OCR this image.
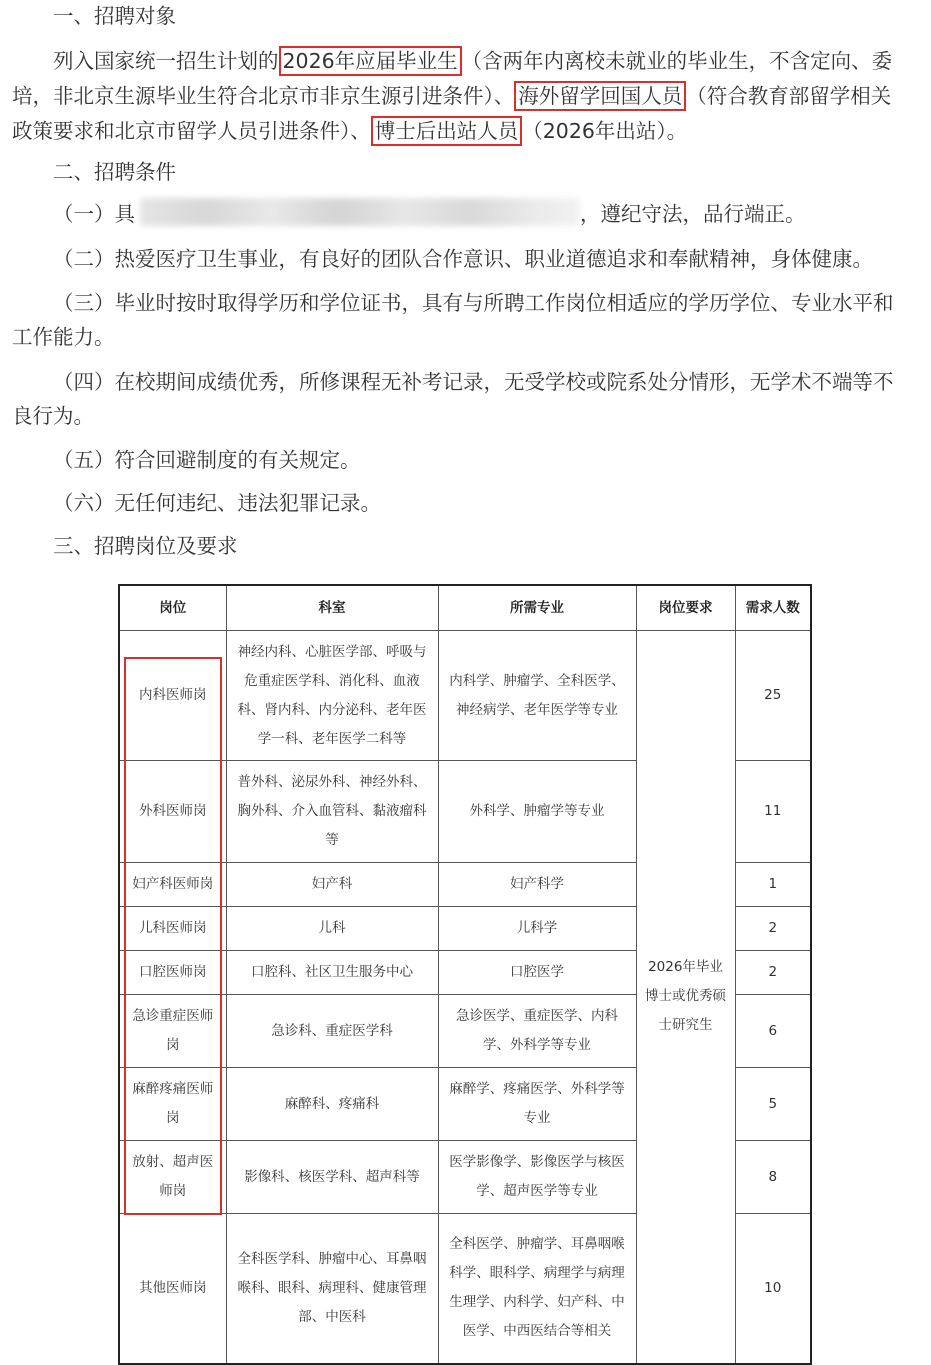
一、招聘对象
列入国家统一招生计划的 2026年应届毕业生 （含两年内离校未就业的毕业生，不含定向、委
培，非北京生源毕业生符合北京市非京生源引进条件）、 海外留学回国人员 （符合教育部留学相关
政策要求和北京市留学人员引进条件）、 博士后出站人员 （2026年出站）。
二、招聘条件
（一）具	，遵纪守法，品行端正。
（二）热爱医疗卫生事业，有良好的团队合作意识、职业道德追求和奉献精神，身体健康。
（三）毕业时按时取得学历和学位证书，具有与所聘工作岗位相适应的学历学位、专业水平和
工作能力。
（四）在校期间成绩优秀，所修课程无补考记录，无受学校或院系处分情形，无学术不端等不
良行为。
（五）符合回避制度的有关规定。
（六）无任何违纪、违法犯罪记录。
三、招聘岗位及要求
岗位	科室	所需专业	岗位要求	需求人数
内科医师岗	神经内科、心脏医学部、呼吸与危重症医学科、消化科、血液科、肾内科、内分泌科、老年医学一科、老年医学二科等	内科学、肿瘤学、全科医学、神经病学、老年医学等专业	2026年毕业博士或优秀硕士研究生	25
外科医师岗	普外科、泌尿外科、神经外科、胸外科、介入血管科、黏液瘤科等	外科学、肿瘤学等专业		11
妇产科医师岗	妇产科	妇产科学		1
儿科医师岗	儿科	儿科学		2
口腔医师岗	口腔科、社区卫生服务中心	口腔医学		2
急诊重症医师岗	急诊科、重症医学科	急诊医学、重症医学、内科学、外科学等专业		6
麻醉疼痛医师岗	麻醉科、疼痛科	麻醉学、疼痛医学、外科学等专业		5
放射、超声医师岗	影像科、核医学科、超声科等	医学影像学、影像医学与核医学、超声医学等专业		8
其他医师岗	全科医学科、肿瘤中心、耳鼻咽喉科、眼科、病理科、健康管理部、中医科	全科医学、肿瘤学、耳鼻咽喉科学、眼科学、病理学与病理生理学、内科学、妇产科、中医学、中西医结合等相关		10
